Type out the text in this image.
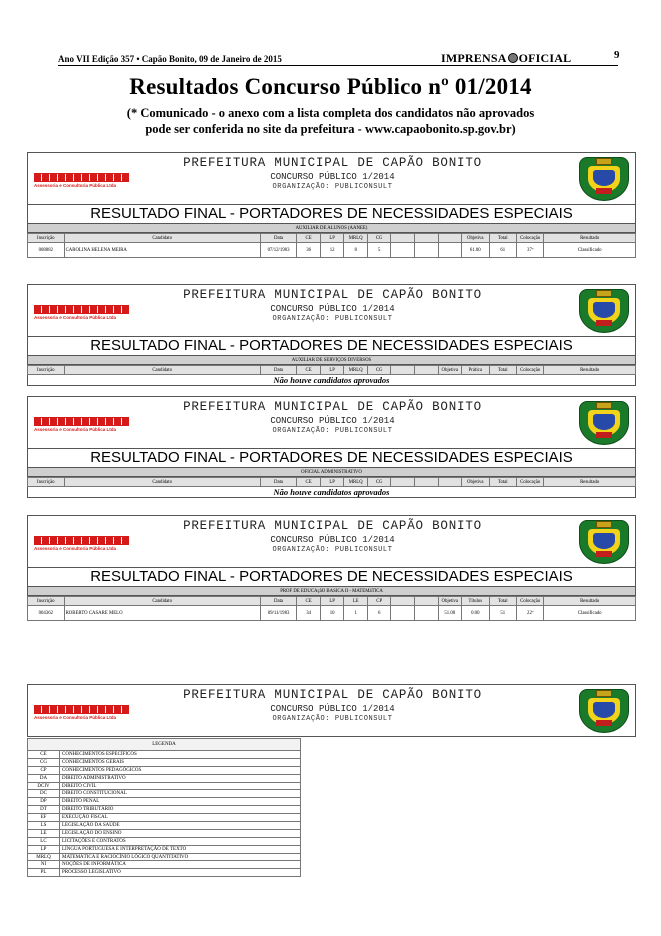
Ano VII Edição 357 • Capão Bonito, 09 de Janeiro de 2015	IMPRENSA OFICIAL	9
Resultados Concurso Público nº 01/2014
(* Comunicado - o anexo com a lista completa dos candidatos não aprovados
pode ser conferida no site da prefeitura - www.capaobonito.sp.gov.br)
Assessoria e Consultoria Pública Ltda
PREFEITURA MUNICIPAL DE CAPÃO BONITO
CONCURSO PÚBLICO 1/2014
ORGANIZAÇÃO: PUBLICONSULT
RESULTADO FINAL - PORTADORES DE NECESSIDADES ESPECIAIS
AUXILIAR DE ALUNOS (AANEE)
Inscrição	Candidato	Data	CE	LP	MRLQ	CG				Objetiva	Total	Colocação	Resultado
008882	CAROLINA HELENA MEIRA	07/12/1983	36	12	8	5				61.00	61	37º	Classificado
Assessoria e Consultoria Pública Ltda
PREFEITURA MUNICIPAL DE CAPÃO BONITO
CONCURSO PÚBLICO 1/2014
ORGANIZAÇÃO: PUBLICONSULT
RESULTADO FINAL - PORTADORES DE NECESSIDADES ESPECIAIS
AUXILIAR DE SERVIÇOS DIVERSOS
Inscrição	Candidato	Data	CE	LP	MRLQ	CG			Objetiva	Prática	Total	Colocação	Resultado
Não houve candidatos aprovados
Assessoria e Consultoria Pública Ltda
PREFEITURA MUNICIPAL DE CAPÃO BONITO
CONCURSO PÚBLICO 1/2014
ORGANIZAÇÃO: PUBLICONSULT
RESULTADO FINAL - PORTADORES DE NECESSIDADES ESPECIAIS
OFICIAL ADMINISTRATIVO
Inscrição	Candidato	Data	CE	LP	MRLQ	CG				Objetiva	Total	Colocação	Resultado
Não houve candidatos aprovados
Assessoria e Consultoria Pública Ltda
PREFEITURA MUNICIPAL DE CAPÃO BONITO
CONCURSO PÚBLICO 1/2014
ORGANIZAÇÃO: PUBLICONSULT
RESULTADO FINAL - PORTADORES DE NECESSIDADES ESPECIAIS
PROF DE EDUCAçãO BASICA II - MATEMáTICA
Inscrição	Candidato	Data	CE	LP	LE	CP			Objetiva	Títulos	Total	Colocação	Resultado
004362	ROBERTO CASARE MELO	09/11/1983	34	10	1	6			51.00	0.00	51	22º	Classificado
Assessoria e Consultoria Pública Ltda
PREFEITURA MUNICIPAL DE CAPÃO BONITO
CONCURSO PÚBLICO 1/2014
ORGANIZAÇÃO: PUBLICONSULT
LEGENDA	
CE	CONHECIMENTOS ESPECÍFICOS
CG	CONHECIMENTOS GERAIS
CP	CONHECIMENTOS PEDAGÓGICOS
DA	DIREITO ADMINISTRATIVO
DCIV	DIREITO CIVIL
DC	DIREITO CONSTITUCIONAL
DP	DIREITO PENAL
DT	DIREITO TRIBUTÁRIO
EF	EXECUÇÃO FISCAL
LS	LEGISLAÇÃO DA SAÚDE
LE	LEGISLAÇÃO DO ENSINO
LC	LICITAÇÕES E CONTRATOS
LP	LÍNGUA PORTUGUESA E INTERPRETAÇÃO DE TEXTO
MRLQ	MATEMÁTICA E RACIOCÍNIO LÓGICO QUANTITATIVO
NI	NOÇÕES DE INFORMÁTICA
PL	PROCESSO LEGISLATIVO
